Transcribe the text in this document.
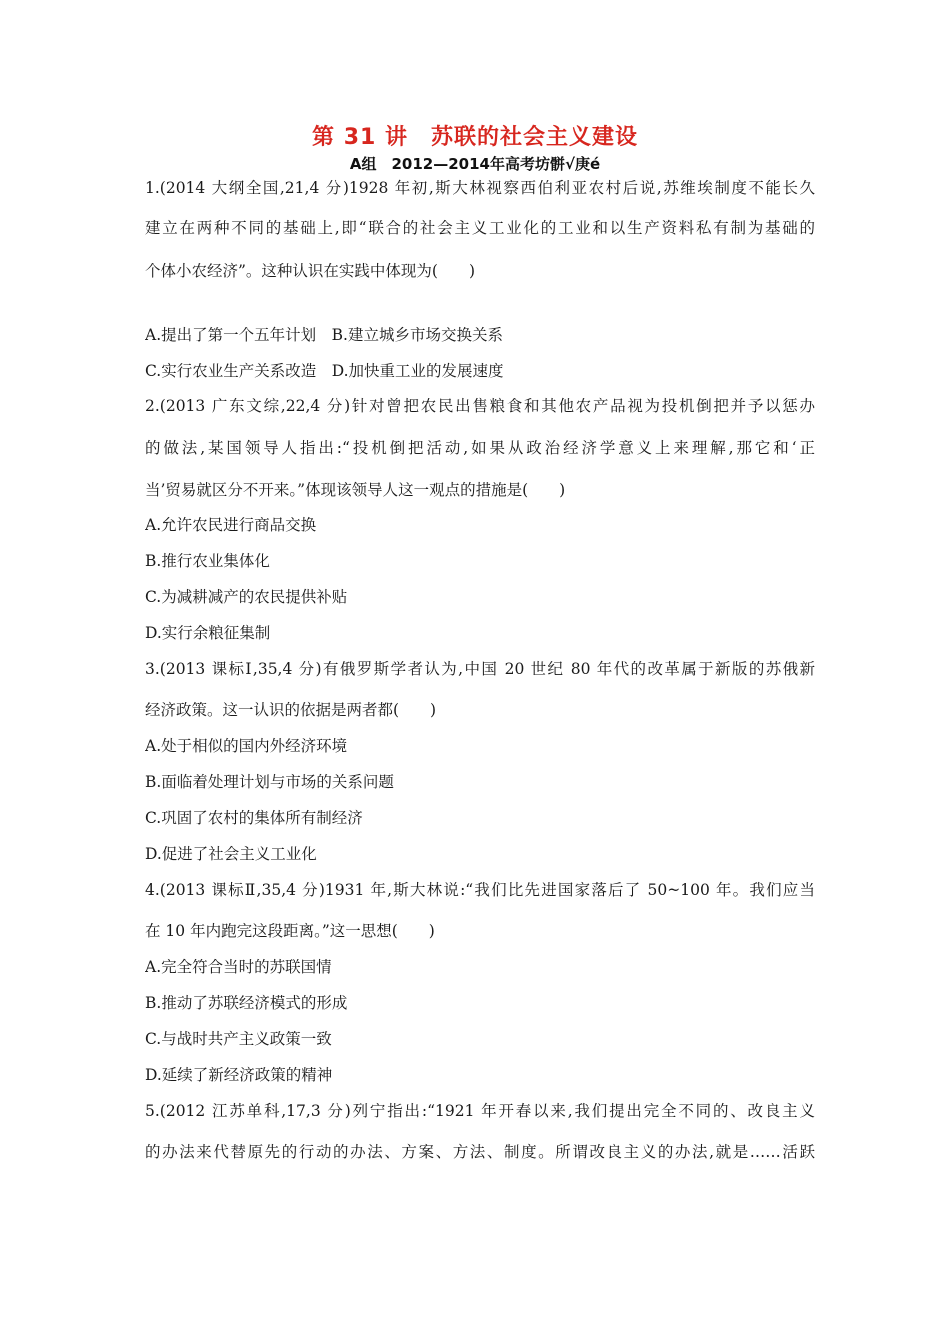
第 31 讲　苏联的社会主义建设
A组　2012—2014年高考坊骿√庚é
1.(2014 大纲全国,21,4 分)1928 年初,斯大林视察西伯利亚农村后说,苏维埃制度不能长久
建立在两种不同的基础上,即“联合的社会主义工业化的工业和以生产资料私有制为基础的
个体小农经济”。这种认识在实践中体现为(　　)
A.提出了第一个五年计划　B.建立城乡市场交换关系
C.实行农业生产关系改造　D.加快重工业的发展速度
2.(2013 广东文综,22,4 分)针对曾把农民出售粮食和其他农产品视为投机倒把并予以惩办
的做法,某国领导人指出:“投机倒把活动,如果从政治经济学意义上来理解,那它和‘正
当’贸易就区分不开来。”体现该领导人这一观点的措施是(　　)
A.允许农民进行商品交换
B.推行农业集体化
C.为减耕减产的农民提供补贴
D.实行余粮征集制
3.(2013 课标Ⅰ,35,4 分)有俄罗斯学者认为,中国 20 世纪 80 年代的改革属于新版的苏俄新
经济政策。这一认识的依据是两者都(　　)
A.处于相似的国内外经济环境
B.面临着处理计划与市场的关系问题
C.巩固了农村的集体所有制经济
D.促进了社会主义工业化
4.(2013 课标Ⅱ,35,4 分)1931 年,斯大林说:“我们比先进国家落后了 50~100 年。我们应当
在 10 年内跑完这段距离。”这一思想(　　)
A.完全符合当时的苏联国情
B.推动了苏联经济模式的形成
C.与战时共产主义政策一致
D.延续了新经济政策的精神
5.(2012 江苏单科,17,3 分)列宁指出:“1921 年开春以来,我们提出完全不同的、改良主义
的办法来代替原先的行动的办法、方案、方法、制度。所谓改良主义的办法,就是……活跃
